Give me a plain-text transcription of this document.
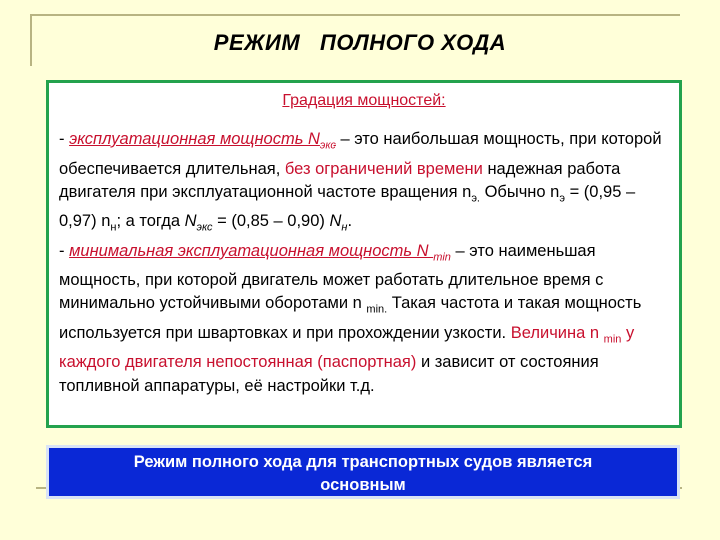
РЕЖИМ   ПОЛНОГО ХОДА
Градация мощностей:
- эксплуатационная мощность $N_{экс}$ – это наибольшая мощность, при которой обеспечивается длительная, без ограничений времени надежная работа двигателя при эксплуатационной частоте вращения $n_{э.}$ Обычно $n_э = (0,95 - 0,97)$ $n_н$; а тогда $N_{экс} = (0,85 - 0,90)$ $N_н$.
- минимальная эксплуатационная мощность N $_{min}$ – это наименьшая мощность, при которой двигатель может работать длительное время с минимально устойчивыми оборотами n $_{min.}$ Такая частота и такая мощность используется при швартовках и при прохождении узкости. Величина n $_{min}$ у каждого двигателя непостоянная (паспортная) и зависит от состояния топливной аппаратуры, её настройки т.д.
Режим полного хода для транспортных судов является
основным
